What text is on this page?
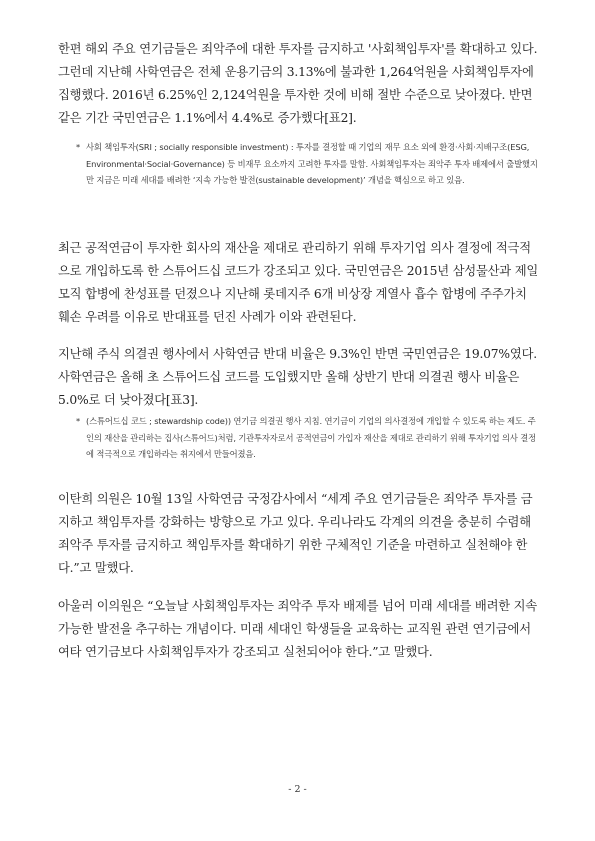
한편 해외 주요 연기금들은 죄악주에 대한 투자를 금지하고 '사회책임투자'를 확대하고 있다. 그런데 지난해 사학연금은 전체 운용기금의 3.13%에 불과한 1,264억원을 사회책임투자에 집행했다. 2016년 6.25%인 2,124억원을 투자한 것에 비해 절반 수준으로 낮아졌다. 반면 같은 기간 국민연금은 1.1%에서 4.4%로 증가했다[표2].

* 사회 책임투자(SRI ; socially responsible investment) : 투자를 결정할 때 기업의 재무 요소 외에 환경·사회·지배구조(ESG, Environmental·Social·Governance) 등 비재무 요소까지 고려한 투자를 말함. 사회책임투자는 죄악주 투자 배제에서 출발했지만 지금은 미래 세대를 배려한 ‘지속 가능한 발전(sustainable development)’ 개념을 핵심으로 하고 있음.

최근 공적연금이 투자한 회사의 재산을 제대로 관리하기 위해 투자기업 의사 결정에 적극적으로 개입하도록 한 스튜어드십 코드가 강조되고 있다. 국민연금은 2015년 삼성물산과 제일모직 합병에 찬성표를 던졌으나 지난해 롯데지주 6개 비상장 계열사 흡수 합병에 주주가치 훼손 우려를 이유로 반대표를 던진 사례가 이와 관련된다.

지난해 주식 의결권 행사에서 사학연금 반대 비율은 9.3%인 반면 국민연금은 19.07%였다. 사학연금은 올해 초 스튜어드십 코드를 도입했지만 올해 상반기 반대 의결권 행사 비율은 5.0%로 더 낮아졌다[표3].

* (스튜어드십 코드 ; stewardship code)) 연기금 의결권 행사 지침. 연기금이 기업의 의사결정에 개입할 수 있도록 하는 제도. 주인의 재산을 관리하는 집사(스튜어드)처럼, 기관투자자로서 공적연금이 가입자 재산을 제대로 관리하기 위해 투자기업 의사 결정에 적극적으로 개입하라는 취지에서 만들어졌음.

이탄희 의원은 10월 13일 사학연금 국정감사에서 “세계 주요 연기금들은 죄악주 투자를 금지하고 책임투자를 강화하는 방향으로 가고 있다. 우리나라도 각계의 의견을 충분히 수렴해 죄악주 투자를 금지하고 책임투자를 확대하기 위한 구체적인 기준을 마련하고 실천해야 한다.”고 말했다.

아울러 이의원은 “오늘날 사회책임투자는 죄악주 투자 배제를 넘어 미래 세대를 배려한 지속 가능한 발전을 추구하는 개념이다. 미래 세대인 학생들을 교육하는 교직원 관련 연기금에서 여타 연기금보다 사회책임투자가 강조되고 실천되어야 한다.”고 말했다.

- 2 -
